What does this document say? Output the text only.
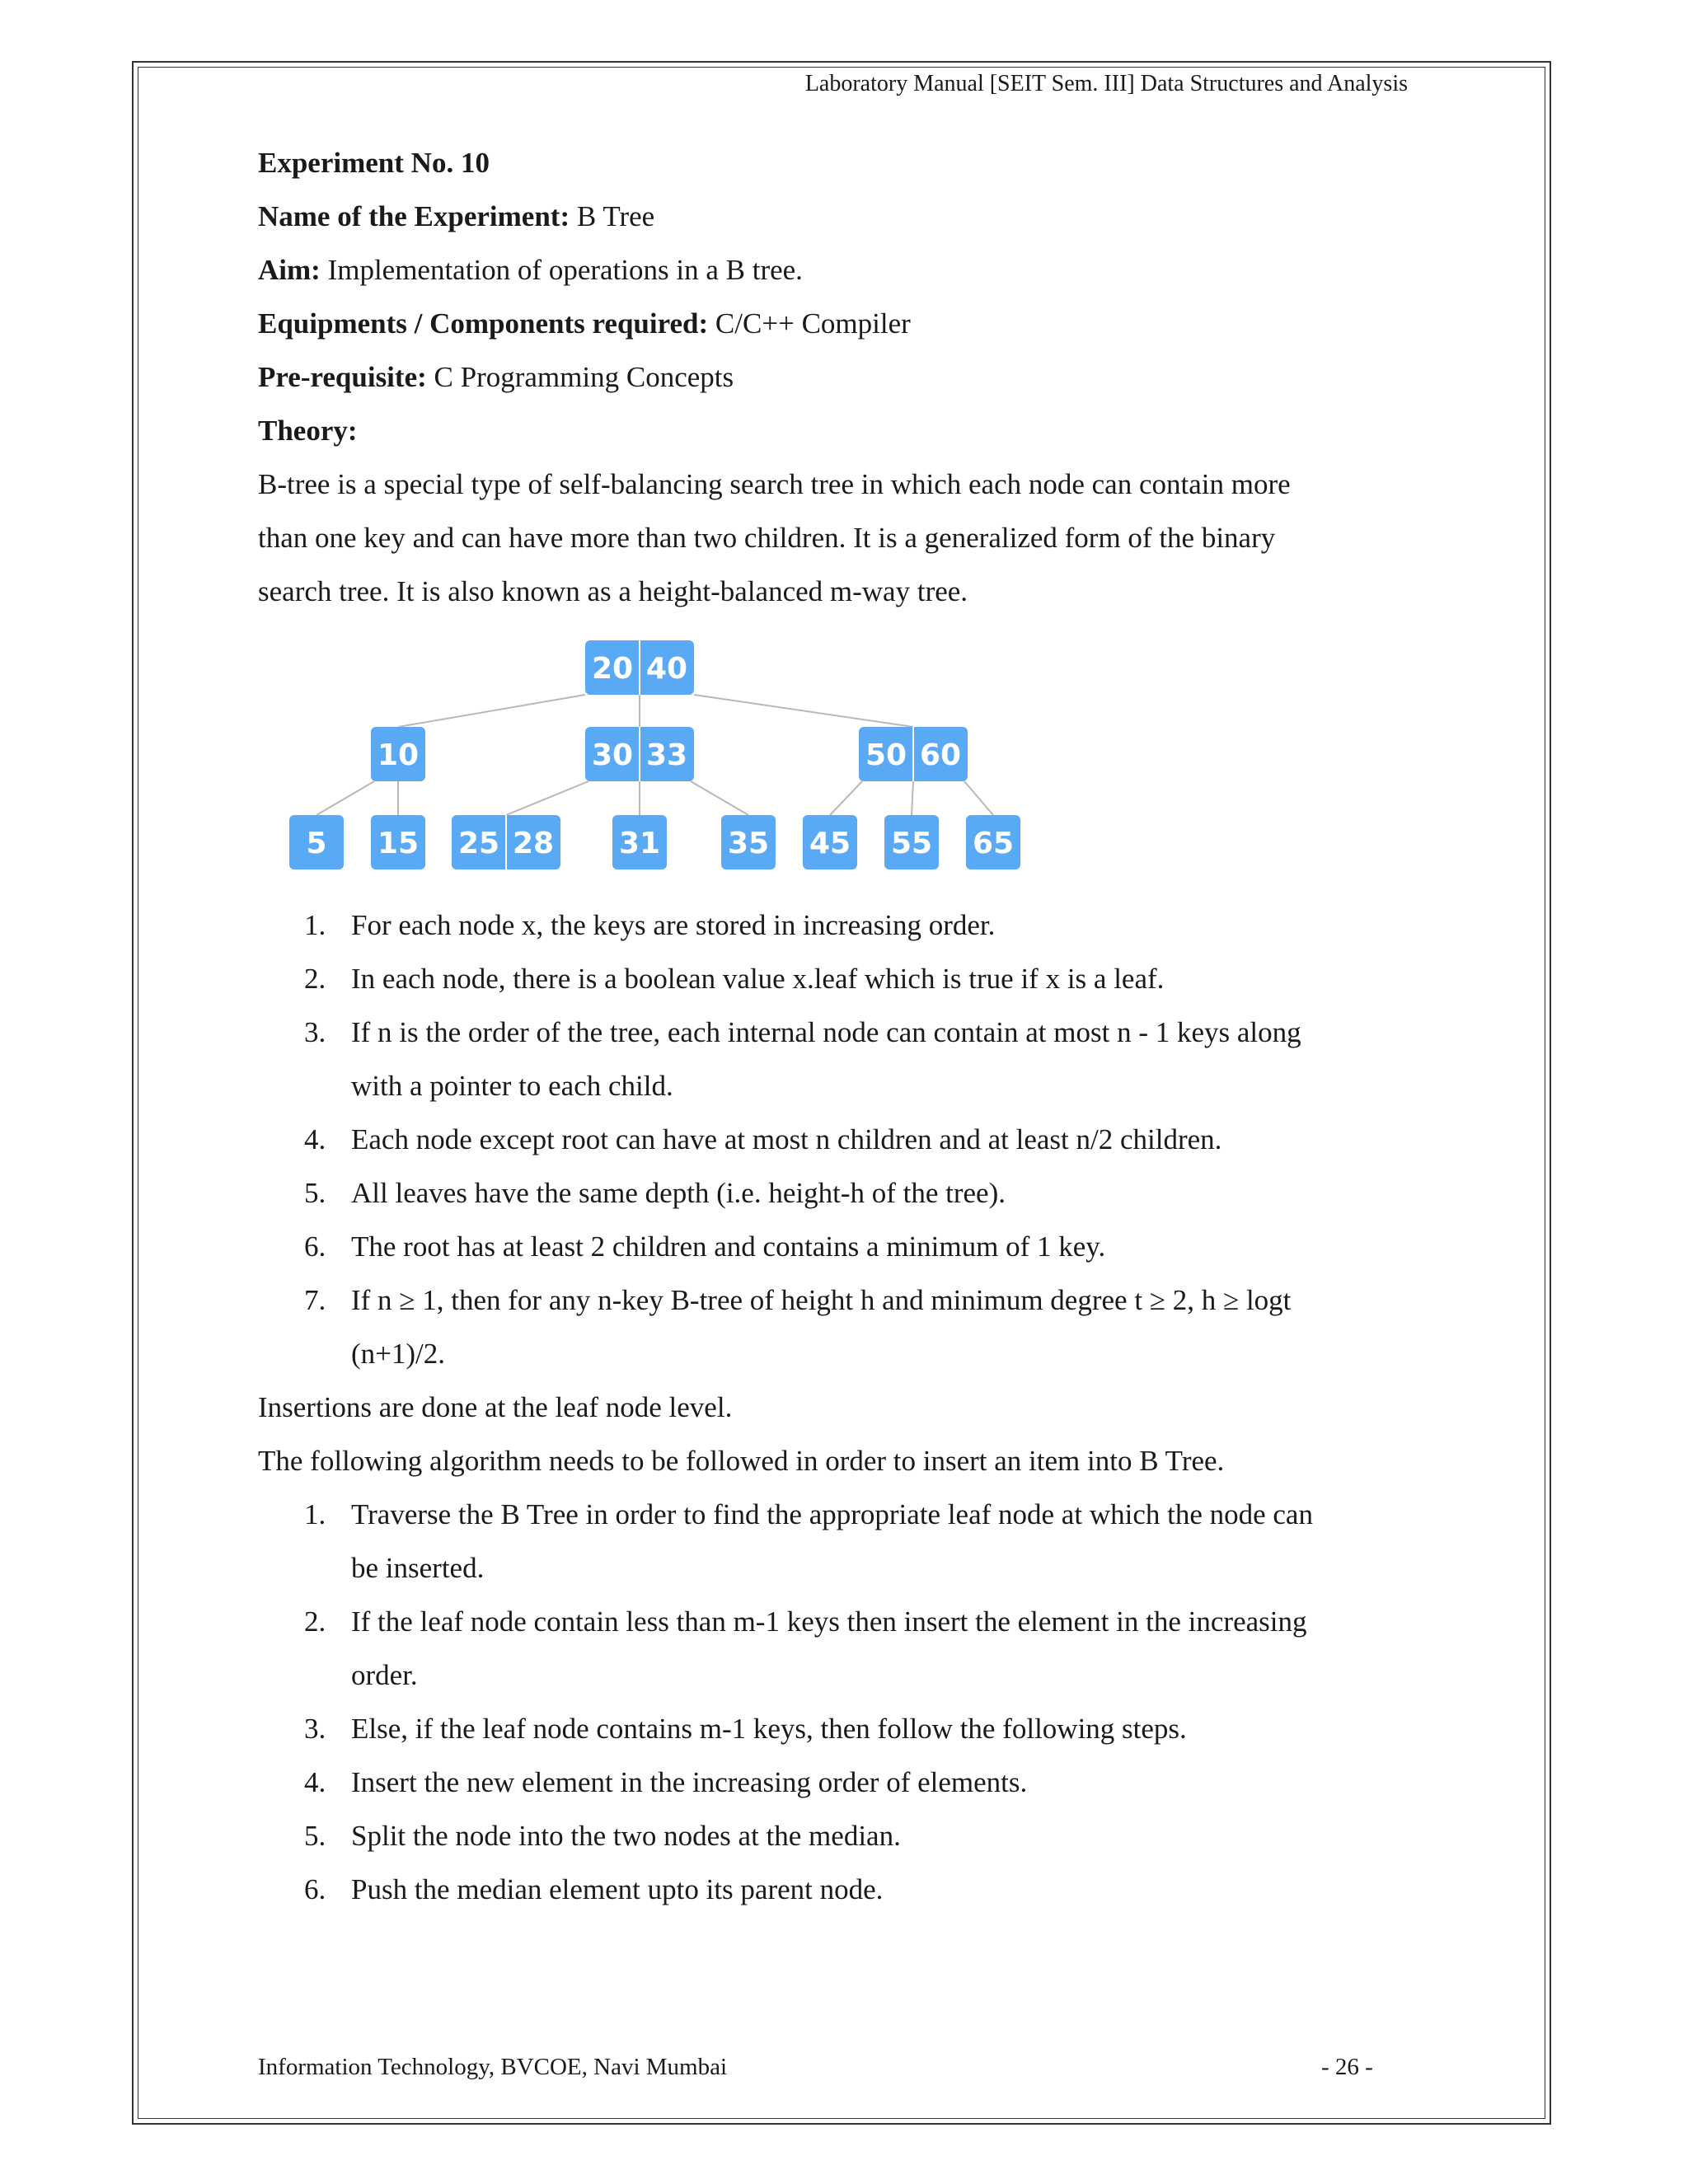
Laboratory Manual [SEIT Sem. III] Data Structures and Analysis
Experiment No. 10
Name of the Experiment: B Tree
Aim: Implementation of operations in a B tree.
Equipments / Components required: C/C++ Compiler
Pre-requisite: C Programming Concepts
Theory:
B-tree is a special type of self-balancing search tree in which each node can contain more
than one key and can have more than two children. It is a generalized form of the binary
search tree. It is also known as a height-balanced m-way tree.
20 40
10	30 33	50 60
5 15 25 28 31 35 45 55 65
1. For each node x, the keys are stored in increasing order.
2. In each node, there is a boolean value x.leaf which is true if x is a leaf.
3. If n is the order of the tree, each internal node can contain at most n - 1 keys along
with a pointer to each child.
4. Each node except root can have at most n children and at least n/2 children.
5. All leaves have the same depth (i.e. height-h of the tree).
6. The root has at least 2 children and contains a minimum of 1 key.
7. If n ≥ 1, then for any n-key B-tree of height h and minimum degree t ≥ 2, h ≥ logt
(n+1)/2.
Insertions are done at the leaf node level.
The following algorithm needs to be followed in order to insert an item into B Tree.
1. Traverse the B Tree in order to find the appropriate leaf node at which the node can
be inserted.
2. If the leaf node contain less than m-1 keys then insert the element in the increasing
order.
3. Else, if the leaf node contains m-1 keys, then follow the following steps.
4. Insert the new element in the increasing order of elements.
5. Split the node into the two nodes at the median.
6. Push the median element upto its parent node.
Information Technology, BVCOE, Navi Mumbai	- 26 -
